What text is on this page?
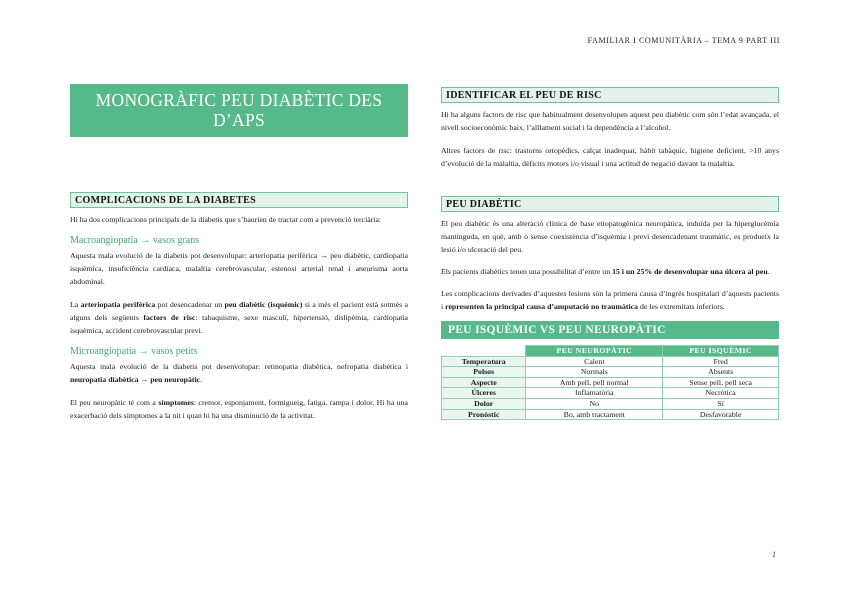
FAMILIAR I COMUNITÀRIA – TEMA 9 PART III
MONOGRÀFIC PEU DIABÈTIC DES D’APS
COMPLICACIONS DE LA DIABETES

Hi ha dos complicacions principals de la diabetis que s’haurien de tractar com a prevenció terciària:

Macroangiopatia → vasos grans

Aquesta mala evolució de la diabetis pot desenvolupar: arteriopatia perifèrica → peu diabètic, cardiopatia isquèmica, insuficiència cardíaca, malaltia cerebrovascular, estenosi arterial renal i aneurisma aorta abdominal.

La arteriopatia perifèrica pot desencadenar un peu diabètic (isquèmic) si a més el pacient està sotmès a alguns dels següents factors de risc: tabaquisme, sexe masculí, hipertensió, dislipèmia, cardiopatia isquèmica, accident cerebrovascular previ.

Microangiopatia → vasos petits

Aquesta mala evolució de la diabetis pot desenvolupar: retinopatia diabètica, nefropatia diabètica i neuropatia diabètica → peu neuropàtic.

El peu neuropàtic té com a símptomes: cremor, esponjament, formigueig, fatiga, rampa i dolor. Hi ha una exacerbació dels símptomes a la nit i quan hi ha una disminució de la activitat.

IDENTIFICAR EL PEU DE RISC

Hi ha alguns factors de risc que habitualment desenvolupen aquest peu diabètic com són l’edat avançada, el nivell socioeconòmic baix, l’aïllament social i la dependència a l’alcohol.

Altres factors de risc: trastorns ortopèdics, calçat inadequat, hàbit tabàquic, higiene deficient, >10 anys d’evolució de la malaltia, dèficits motors i/o visual i una actitud de negació davant la malaltia.

PEU DIABÈTIC

El peu diabètic és una alteració clínica de base etiopatogènica neuropàtica, induïda per la hiperglucèmia mantinguda, en què, amb o sense coexistència d’isquèmia i previ desencadenant traumàtic, es produeix la lesió i/o ulceració del peu.

Els pacients diabètics tenen una possibilitat d’entre un 15 i un 25% de desenvolupar una úlcera al peu.

Les complicacions derivades d’aquestes lesions són la primera causa d’ingrés hospitalari d’aquests pacients i representen la principal causa d’amputació no traumàtica de les extremitats inferiors.

PEU ISQUÈMIC VS PEU NEUROPÀTIC
	PEU NEUROPÀTIC	PEU ISQUÈMIC
Temperatura	Calent	Fred
Polsos	Normals	Absents
Aspecte	Amb pell, pell normal	Sense pell, pell seca
Úlceres	Inflamatòria	Necròtica
Dolor	No	Sí
Pronòstic	Bo, amb tractament	Desfavorable
1
